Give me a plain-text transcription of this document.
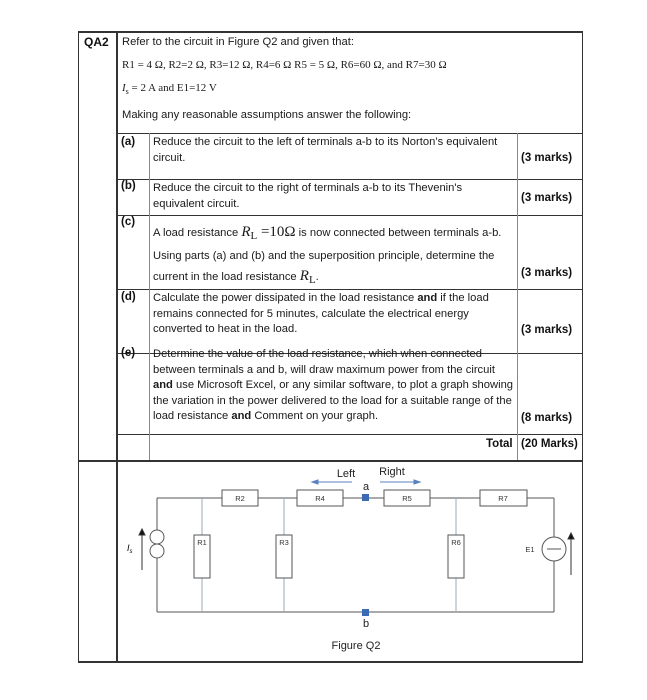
QA2 Refer to the circuit in Figure Q2 and given that:
R1 = 4 Ω, R2=2 Ω, R3=12 Ω, R4=6 Ω R5 = 5 Ω, R6=60 Ω, and R7=30 Ω
$I_s = 2$ A and E1=12 V
Making any reasonable assumptions answer the following:
(a) Reduce the circuit to the left of terminals a-b to its Norton’s equivalent circuit.	(3 marks)
(b) Reduce the circuit to the right of terminals a-b to its Thevenin's equivalent circuit.	(3 marks)
(c)
A load resistance $R_L =10\Omega$ is now connected between terminals a-b. Using parts (a) and (b) and the superposition principle, determine the current in the load resistance $R_L$.	(3 marks)
(d) Calculate the power dissipated in the load resistance and if the load remains connected for 5 minutes, calculate the electrical energy converted to heat in the load.	(3 marks)
(e) Determine the value of the load resistance, which when connected between terminals a and b, will draw maximum power from the circuit and use Microsoft Excel, or any similar software, to plot a graph showing the variation in the power delivered to the load for a suitable range of the load resistance and Comment on your graph.	(8 marks)
Total (20 Marks)
R2	R4	R5	R7
R1	R3	R6
E1
$I_s$
Left Right
a
b
Figure Q2
